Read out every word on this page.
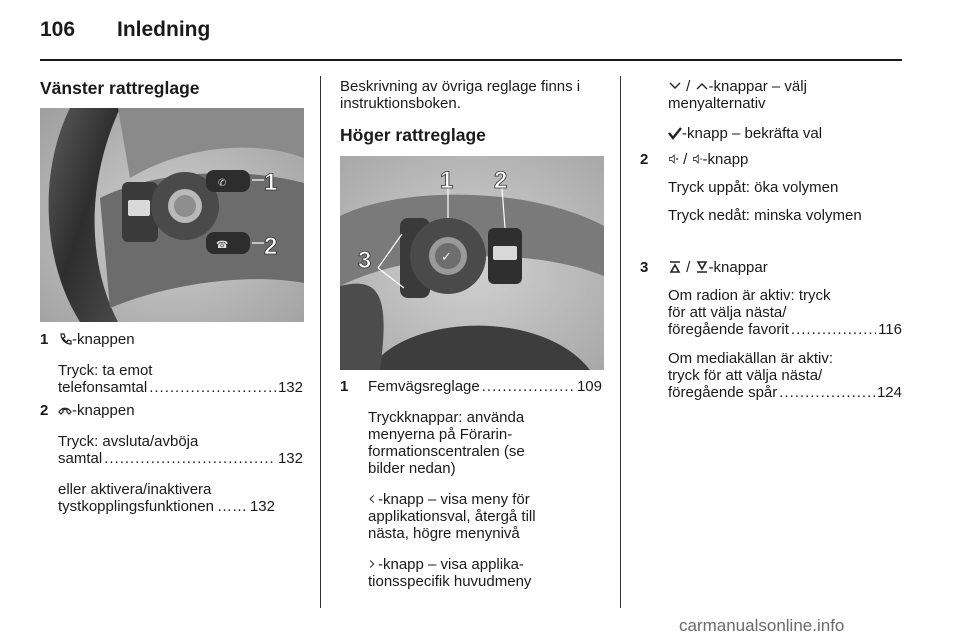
106 Inledning
Vänster rattreglage
✆
☎
1
2
1	-knappen
Tryck: ta emot
telefonsamtal .....	132
2	-knappen
Tryck: avsluta/avböja
samtal .....	132
eller aktivera/inaktivera
tystkopplingsfunktionen …… 132
Beskrivning av övriga reglage finns i
instruktionsboken.
Höger rattreglage
✓
1 2
3
1 Femvägsreglage .....	109
Tryckknappar: använda
menyerna på Förarin-
formationscentralen (se
bilder nedan)
-knapp – visa meny för
applikationsval, återgå till
nästa, högre menynivå
-knapp – visa applika-
tionsspecifik huvudmeny
/ -knappar – välj
menyalternativ
-knapp – bekräfta val
2	/ -knapp
Tryck uppåt: öka volymen
Tryck nedåt: minska volymen
3	/ -knappar
Om radion är aktiv: tryck
för att välja nästa/
föregående favorit .....	116
Om mediakällan är aktiv:
tryck för att välja nästa/
föregående spår .....	124
carmanualsonline.info
